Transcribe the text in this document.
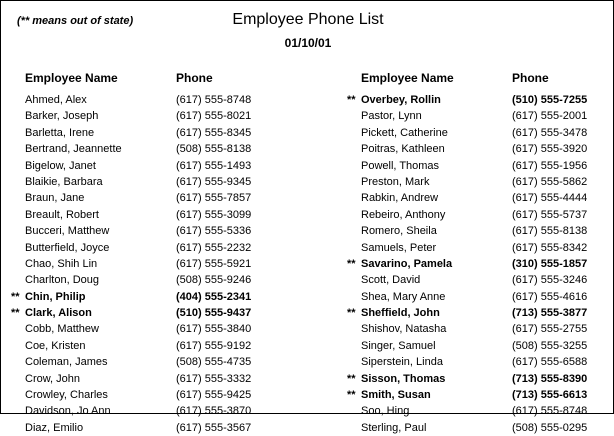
(** means out of state)	Employee Phone List
01/10/01
Employee Name	Phone	Employee Name	Phone
Ahmed, Alex	(617) 555-8748
Barker, Joseph	(617) 555-8021
Barletta, Irene	(617) 555-8345
Bertrand, Jeannette	(508) 555-8138
Bigelow, Janet	(617) 555-1493
Blaikie, Barbara	(617) 555-9345
Braun, Jane	(617) 555-7857
Breault, Robert	(617) 555-3099
Bucceri, Matthew	(617) 555-5336
Butterfield, Joyce	(617) 555-2232
Chao, Shih Lin	(617) 555-5921
Charlton, Doug	(508) 555-9246
** Chin, Philip	(404) 555-2341
** Clark, Alison	(510) 555-9437
Cobb, Matthew	(617) 555-3840
Coe, Kristen	(617) 555-9192
Coleman, James	(508) 555-4735
Crow, John	(617) 555-3332
Crowley, Charles	(617) 555-9425
Davidson, Jo Ann	(617) 555-3870
Diaz, Emilio	(617) 555-3567
** Overbey, Rollin	(510) 555-7255
Pastor, Lynn	(617) 555-2001
Pickett, Catherine	(617) 555-3478
Poitras, Kathleen	(617) 555-3920
Powell, Thomas	(617) 555-1956
Preston, Mark	(617) 555-5862
Rabkin, Andrew	(617) 555-4444
Rebeiro, Anthony	(617) 555-5737
Romero, Sheila	(617) 555-8138
Samuels, Peter	(617) 555-8342
** Savarino, Pamela	(310) 555-1857
Scott, David	(617) 555-3246
Shea, Mary Anne	(617) 555-4616
** Sheffield, John	(713) 555-3877
Shishov, Natasha	(617) 555-2755
Singer, Samuel	(508) 555-3255
Siperstein, Linda	(617) 555-6588
** Sisson, Thomas	(713) 555-8390
** Smith, Susan	(713) 555-6613
Soo, Hing	(617) 555-8748
Sterling, Paul	(508) 555-0295
